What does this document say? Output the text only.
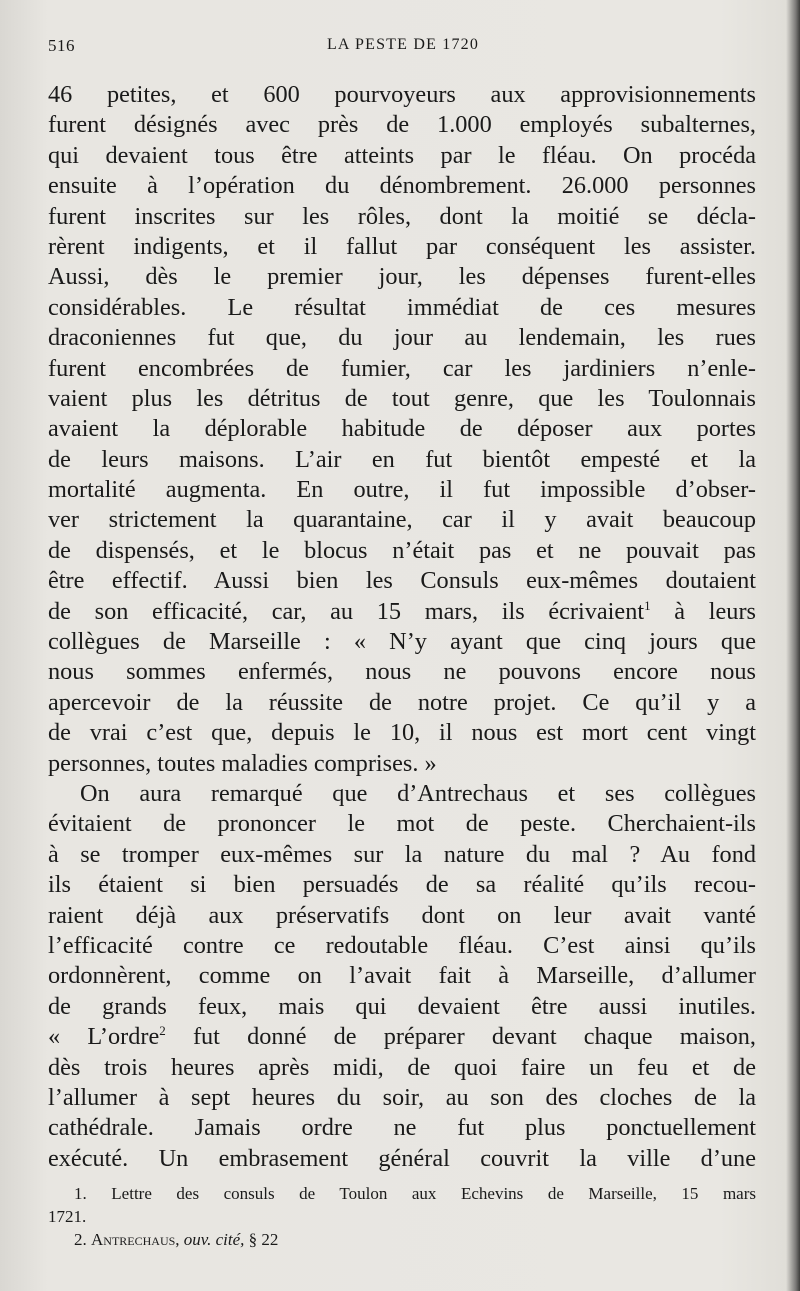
516	LA PESTE DE 1720
46 petites, et 600 pourvoyeurs aux approvisionnements
furent désignés avec près de 1.000 employés subalternes,
qui devaient tous être atteints par le fléau. On procéda
ensuite à l’opération du dénombrement. 26.000 personnes
furent inscrites sur les rôles, dont la moitié se décla-
rèrent indigents, et il fallut par conséquent les assister.
Aussi, dès le premier jour, les dépenses furent-elles
considérables. Le résultat immédiat de ces mesures
draconiennes fut que, du jour au lendemain, les rues
furent encombrées de fumier, car les jardiniers n’enle-
vaient plus les détritus de tout genre, que les Toulonnais
avaient la déplorable habitude de déposer aux portes
de leurs maisons. L’air en fut bientôt empesté et la
mortalité augmenta. En outre, il fut impossible d’obser-
ver strictement la quarantaine, car il y avait beaucoup
de dispensés, et le blocus n’était pas et ne pouvait pas
être effectif. Aussi bien les Consuls eux-mêmes doutaient
de son efficacité, car, au 15 mars, ils écrivaient$^1$ à leurs
collègues de Marseille : « N’y ayant que cinq jours que
nous sommes enfermés, nous ne pouvons encore nous
apercevoir de la réussite de notre projet. Ce qu’il y a
de vrai c’est que, depuis le 10, il nous est mort cent vingt
personnes, toutes maladies comprises. »
On aura remarqué que d’Antrechaus et ses collègues
évitaient de prononcer le mot de peste. Cherchaient-ils
à se tromper eux-mêmes sur la nature du mal ? Au fond
ils étaient si bien persuadés de sa réalité qu’ils recou-
raient déjà aux préservatifs dont on leur avait vanté
l’efficacité contre ce redoutable fléau. C’est ainsi qu’ils
ordonnèrent, comme on l’avait fait à Marseille, d’allumer
de grands feux, mais qui devaient être aussi inutiles.
« L’ordre$^2$ fut donné de préparer devant chaque maison,
dès trois heures après midi, de quoi faire un feu et de
l’allumer à sept heures du soir, au son des cloches de la
cathédrale. Jamais ordre ne fut plus ponctuellement
exécuté. Un embrasement général couvrit la ville d’une
1. Lettre des consuls de Toulon aux Echevins de Marseille, 15 mars
1721.
2. Antrechaus, ouv. cité, § 22
